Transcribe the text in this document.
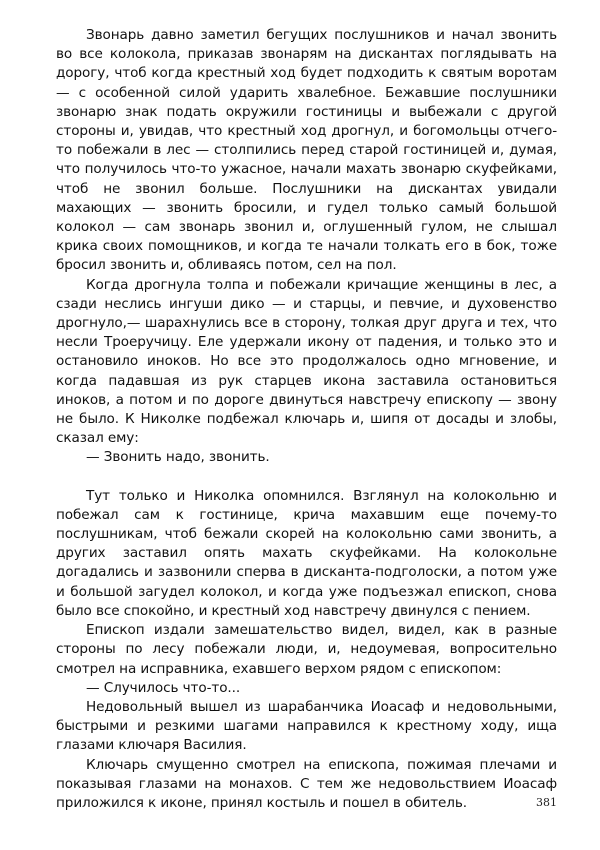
Звонарь давно заметил бегущих послушников и начал звонить во все колокола, приказав звонарям на дискантах поглядывать на дорогу, чтоб когда крестный ход будет подходить к святым воротам — с особенной силой ударить хвалебное. Бежавшие послушники звонарю знак подать окружили гостиницы и выбежали с другой стороны и, увидав, что крестный ход дрогнул, и богомольцы отчего-то побежали в лес — столпились перед старой гостиницей и, думая, что получилось что-то ужасное, начали махать звонарю скуфейками, чтоб не звонил больше. Послушники на дискантах увидали махающих — звонить бросили, и гудел только самый большой колокол — сам звонарь звонил и, оглушенный гулом, не слышал крика своих помощников, и когда те начали толкать его в бок, тоже бросил звонить и, обливаясь потом, сел на пол.

Когда дрогнула толпа и побежали кричащие женщины в лес, а сзади неслись ингуши дико — и старцы, и певчие, и духовенство дрогнуло,— шарахнулись все в сторону, толкая друг друга и тех, что несли Троеручицу. Еле удержали икону от падения, и только это и остановило иноков. Но все это продолжалось одно мгновение, и когда падавшая из рук старцев икона заставила остановиться иноков, а потом и по дороге двинуться навстречу епископу — звону не было. К Николке подбежал ключарь и, шипя от досады и злобы, сказал ему:

— Звонить надо, звонить.

Тут только и Николка опомнился. Взглянул на колокольню и побежал сам к гостинице, крича махавшим еще почему-то послушникам, чтоб бежали скорей на колокольню сами звонить, а других заставил опять махать скуфейками. На колокольне догадались и зазвонили сперва в дисканта-подголоски, а потом уже и большой загудел колокол, и когда уже подъезжал епископ, снова было все спокойно, и крестный ход навстречу двинулся с пением.

Епископ издали замешательство видел, видел, как в разные стороны по лесу побежали люди, и, недоумевая, вопросительно смотрел на исправника, ехавшего верхом рядом с епископом:

— Случилось что-то...

Недовольный вышел из шарабанчика Иоасаф и недовольными, быстрыми и резкими шагами направился к крестному ходу, ища глазами ключаря Василия.

Ключарь смущенно смотрел на епископа, пожимая плечами и показывая глазами на монахов. С тем же недовольствием Иоасаф приложился к иконе, принял костыль и пошел в обитель.	381
